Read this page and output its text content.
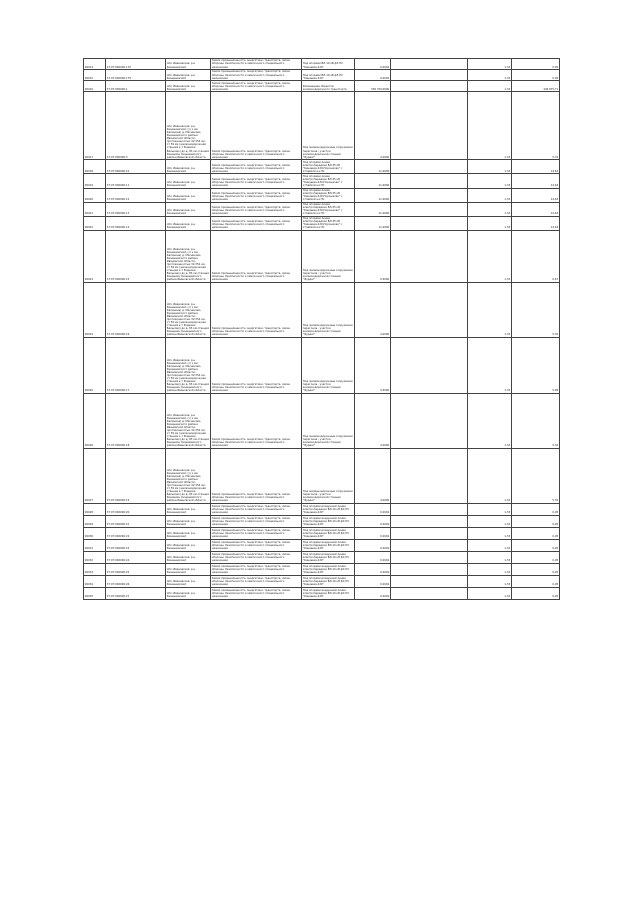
00014	27:07:000000:170	обл. Ивановская, р-н Кинешемский	Земли промышленности, энергетики, транспорта, связи, обороны, безопасности и земли иного специального назначения	Под опорами ВЛ-10 кВ ф5 ПС "Кинешма-220"	0,0004		1,33	0,05
00015	37:07:000000:179	обл. Ивановская, р-н Кинешемский	Земли промышленности, энергетики, транспорта, связи, обороны, безопасности и земли иного специального назначения	Под опорами ВЛ-10 кВ ф5 ПС "Кинешма-220"	0,0004		1,33	0,05
00016	37:07:000000:1	обл. Ивановская, р-н Кинешемский	Земли промышленности, энергетики, транспорта, связи, обороны, безопасности и земли иного специального назначения	Размещение объектов железнодорожного транспорта	336 709,0000		1,33	446 875,71
00017	37:07:000000:3	обл. Ивановская, р-н Кинешемский, (с/ з им. Калинина) д. Мясниково, Кинешемского района Ивановской области, протяженностью 32,352 км, от 59 км (железнодорожная станция к-т Родники-Бельково) до д. 83 км-станция Кинешма, Кинешемского района Ивановской области	Земли промышленности, энергетики, транспорта, связи, обороны, безопасности и земли иного специального назначения	Под железнодорожные сооружения перегонов - участки железнодорожной станции "Фурдег"	4,0000		1,33	5,32
00018	37:07:000000:10	обл. Ивановская, р-н Кинешемский	Земли промышленности, энергетики, транспорта, связи, обороны, безопасности и земли иного специального назначения	Под опорами линии электропередачи ВЛ-35 кВ "Кинешма-220-Порошково" с отпайкой на ПС	11,0000		1,33	14,63
00019	37:07:000000:11	обл. Ивановская, р-н Кинешемский	Земли промышленности, энергетики, транспорта, связи, обороны, безопасности и земли иного специального назначения	Под опорами линии электропередачи ВЛ-35 кВ "Кинешма-220-Порошково" с отпайкой на ПС	11,0000		1,33	14,63
00020	37:07:000000:12	обл. Ивановская, р-н Кинешемский	Земли промышленности, энергетики, транспорта, связи, обороны, безопасности и земли иного специального назначения	Под опорами линии электропередачи ВЛ-35 кВ "Кинешма-220-Порошково" с отпайкой на ПС	11,0000		1,33	14,63
00021	37:07:000000:13	обл. Ивановская, р-н Кинешемский	Земли промышленности, энергетики, транспорта, связи, обороны, безопасности и земли иного специального назначения	Под опорами линии электропередачи ВЛ-35 кВ "Кинешма-220-Порошково" с отпайкой на ПС	11,0000		1,33	14,63
00022	37:07:000000:14	обл. Ивановская, р-н Кинешемский	Земли промышленности, энергетики, транспорта, связи, обороны, безопасности и земли иного специального назначения	Под опорами линии электропередачи ВЛ-35 кВ "Кинешма-220-Порошково" с отпайкой на ПС	11,0000		1,33	14,63
00023	37:07:000000:15	обл. Ивановская, р-н Кинешемский, (с/ з им. Калинина) д. Мясниково, Кинешемского района Ивановской области, протяженностью 32,352 км, от 59 км (железнодорожная станция к-т Родники-Бельково) до д. 83 км-станция Кинешма, Кинешемского района Ивановской области	Земли промышленности, энергетики, транспорта, связи, обороны, безопасности и земли иного специального назначения	Под железнодорожные сооружения перегонов - участки железнодорожной станции "Фурдег"	0,5000		1,33	0,67
00024	37:07:000000:16	обл. Ивановская, р-н Кинешемский, (с/ з им. Калинина) д. Мясниково, Кинешемского района Ивановской области, протяженностью 32,352 км, от 59 км (железнодорожная станция к-т Родники-Бельково) до д. 83 км-станция Кинешма, Кинешемского района Ивановской области	Земли промышленности, энергетики, транспорта, связи, обороны, безопасности и земли иного специального назначения	Под железнодорожные сооружения перегонов - участки железнодорожной станции "Фурдег"	4,0000		1,33	5,32
00025	37:07:000000:17	обл. Ивановская, р-н Кинешемский, (с/ з им. Калинина) д. Мясниково, Кинешемского района Ивановской области, протяженностью 32,352 км, от 59 км (железнодорожная станция к-т Родники-Бельково) до д. 83 км-станция Кинешма, Кинешемского района Ивановской области	Земли промышленности, энергетики, транспорта, связи, обороны, безопасности и земли иного специального назначения	Под железнодорожные сооружения перегонов - участки железнодорожной станции "Фурдег"	4,5000		1,33	5,99
00026	37:07:000000:18	обл. Ивановская, р-н Кинешемский, (с/ з им. Калинина) д. Мясниково, Кинешемского района Ивановской области, протяженностью 32,352 км, от 59 км (железнодорожная станция к-т Родники-Бельково) до д. 83 км-станция Кинешма, Кинешемского района Ивановской области	Земли промышленности, энергетики, транспорта, связи, обороны, безопасности и земли иного специального назначения	Под железнодорожные сооружения перегонов - участки железнодорожной станции "Фурдег"	4,0000		1,33	5,32
00027	37:07:000000:19	обл. Ивановская, р-н Кинешемский, (с/ з им. Калинина) д. Мясниково, Кинешемского района Ивановской области, протяженностью 32,352 км, от 59 км (железнодорожная станция к-т Родники-Бельково) до д. 83 км-станция Кинешма, Кинешемского района Ивановской области	Земли промышленности, энергетики, транспорта, связи, обороны, безопасности и земли иного специального назначения	Под железнодорожные сооружения перегонов - участки железнодорожной станции "Фурдег"	4,0000		1,33	5,32
00028	37:07:000000:20	обл. Ивановская, р-н Кинешемский	Земли промышленности, энергетики, транспорта, связи, обороны, безопасности и земли иного специального назначения	Под опорами воздушной линии электропередачи ВЛ-10 кВ ф4 ПС "Кинешма-220"	0,0004		1,33	0,05
00029	37:07:000000:21	обл. Ивановская, р-н Кинешемский	Земли промышленности, энергетики, транспорта, связи, обороны, безопасности и земли иного специального назначения	Под опорами воздушной линии электропередачи ВЛ-10 кВ ф4 ПС "Кинешма-220"	0,0004		1,33	0,05
00030	37:07:000000:22	обл. Ивановская, р-н Кинешемский	Земли промышленности, энергетики, транспорта, связи, обороны, безопасности и земли иного специального назначения	Под опорами воздушной линии электропередачи ВЛ-10 кВ ф4 ПС "Кинешма-220"	0,0004		1,33	0,05
00031	37:07:000000:23	обл. Ивановская, р-н Кинешемский	Земли промышленности, энергетики, транспорта, связи, обороны, безопасности и земли иного специального назначения	Под опорами воздушной линии электропередачи ВЛ-10 кВ ф4 ПС "Кинешма-220"	0,0004		1,33	0,05
00032	37:07:000000:24	обл. Ивановская, р-н Кинешемский	Земли промышленности, энергетики, транспорта, связи, обороны, безопасности и земли иного специального назначения	Под опорами воздушной линии электропередачи ВЛ-10 кВ ф4 ПС "Кинешма-220"	0,0004		1,33	0,05
00033	37:07:000000:25	обл. Ивановская, р-н Кинешемский	Земли промышленности, энергетики, транспорта, связи, обороны, безопасности и земли иного специального назначения	Под опорами воздушной линии электропередачи ВЛ-10 кВ ф4 ПС "Кинешма-220"	0,0004		1,33	0,05
00034	37:07:000000:26	обл. Ивановская, р-н Кинешемский	Земли промышленности, энергетики, транспорта, связи, обороны, безопасности и земли иного специального назначения	Под опорами воздушной линии электропередачи ВЛ-10 кВ ф4 ПС "Кинешма-220"	0,0004		1,33	0,05
00035	37:07:000000:27	обл. Ивановская, р-н Кинешемский	Земли промышленности, энергетики, транспорта, связи, обороны, безопасности и земли иного специального назначения	Под опорами воздушной линии электропередачи ВЛ-10 кВ ф4 ПС "Кинешма-220"	0,0004		1,33	0,05
